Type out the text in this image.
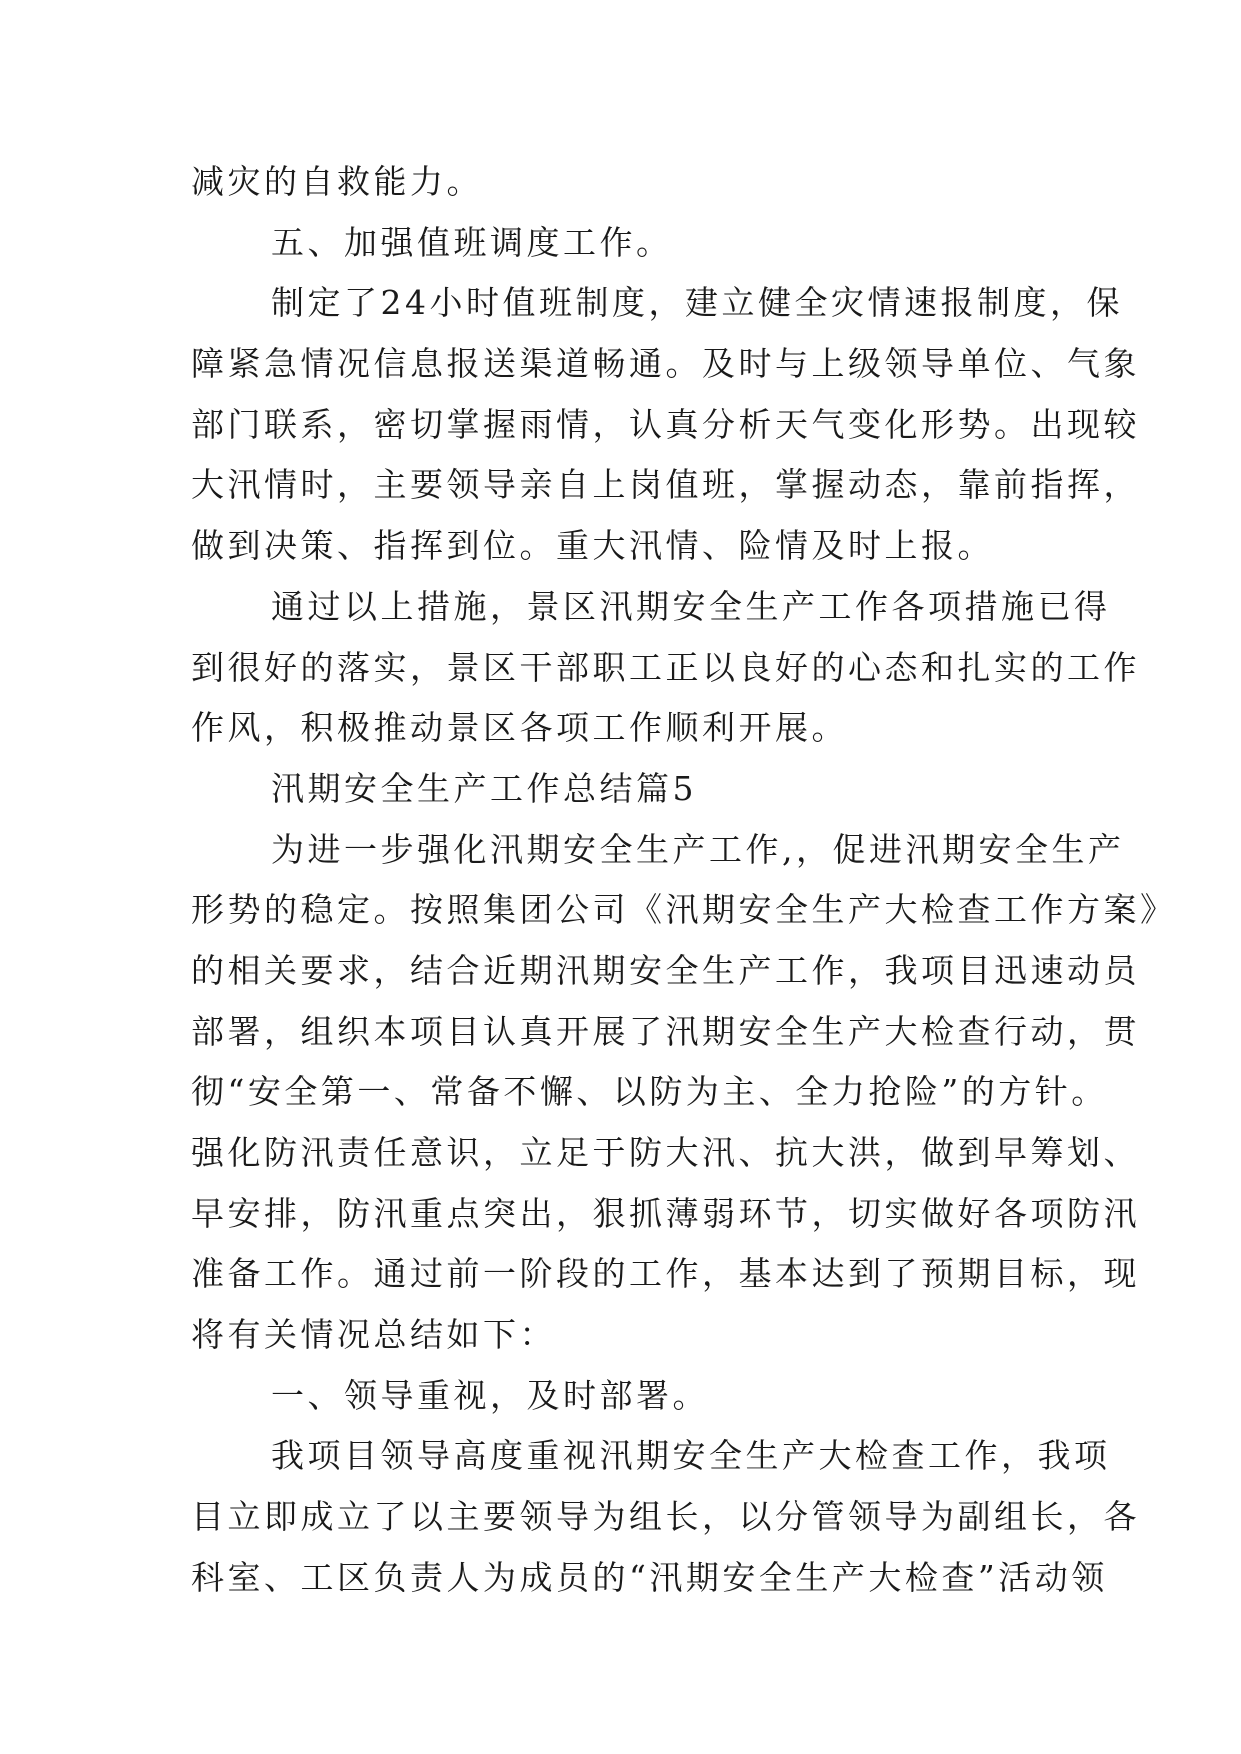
减灾的自救能力。
五、加强值班调度工作。
制定了24小时值班制度，建立健全灾情速报制度，保
障紧急情况信息报送渠道畅通。及时与上级领导单位、气象
部门联系，密切掌握雨情，认真分析天气变化形势。出现较
大汛情时，主要领导亲自上岗值班，掌握动态，靠前指挥，
做到决策、指挥到位。重大汛情、险情及时上报。
通过以上措施，景区汛期安全生产工作各项措施已得
到很好的落实，景区干部职工正以良好的心态和扎实的工作
作风，积极推动景区各项工作顺利开展。
汛期安全生产工作总结篇5
为进一步强化汛期安全生产工作,，促进汛期安全生产
形势的稳定。按照集团公司《汛期安全生产大检查工作方案》
的相关要求，结合近期汛期安全生产工作，我项目迅速动员
部署，组织本项目认真开展了汛期安全生产大检查行动，贯
彻“安全第一、常备不懈、以防为主、全力抢险”的方针。
强化防汛责任意识，立足于防大汛、抗大洪，做到早筹划、
早安排，防汛重点突出，狠抓薄弱环节，切实做好各项防汛
准备工作。通过前一阶段的工作，基本达到了预期目标，现
将有关情况总结如下：
一、领导重视，及时部署。
我项目领导高度重视汛期安全生产大检查工作，我项
目立即成立了以主要领导为组长，以分管领导为副组长，各
科室、工区负责人为成员的“汛期安全生产大检查”活动领
